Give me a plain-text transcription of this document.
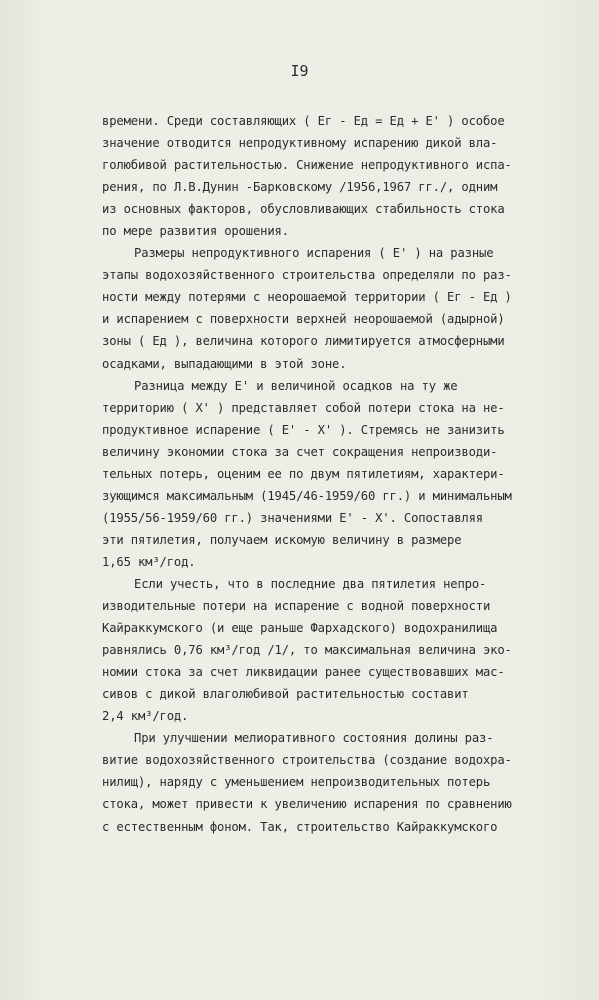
I9
времени. Среди составляющих ( Eг - Eд = Eд + E' ) особое
значение отводится непродуктивному испарению дикой вла-
голюбивой растительностью. Снижение непродуктивного испа-
рения, по Л.В.Дунин -Барковскому /1956,1967 гг./, одним
из основных факторов, обусловливающих стабильность стока
по мере развития орошения.
Размеры непродуктивного испарения ( E' ) на разные
этапы водохозяйственного строительства определяли по раз-
ности между потерями с неорошаемой территории ( Eг - Eд )
и испарением с поверхности верхней неорошаемой (адырной)
зоны ( Eд ), величина которого лимитируется атмосферными
осадками, выпадающими в этой зоне.
Разница между E' и величиной осадков на ту же
территорию ( X' ) представляет собой потери стока на не-
продуктивное испарение ( E' - X' ). Стремясь не занизить
величину экономии стока за счет сокращения непроизводи-
тельных потерь, оценим ее по двум пятилетиям, характери-
зующимся максимальным (1945/46-1959/60 гг.) и минимальным
(1955/56-1959/60 гг.) значениями E' - X'. Сопоставляя
эти пятилетия, получаем искомую величину в размере
1,65 км³/год.
Если учесть, что в последние два пятилетия непро-
изводительные потери на испарение с водной поверхности
Кайраккумского (и еще раньше Фархадского) водохранилища
равнялись 0,76 км³/год /1/, то максимальная величина эко-
номии стока за счет ликвидации ранее существовавших мас-
сивов с дикой влаголюбивой растительностью составит
2,4 км³/год.
При улучшении мелиоративного состояния долины раз-
витие водохозяйственного строительства (создание водохра-
нилищ), наряду с уменьшением непроизводительных потерь
стока, может привести к увеличению испарения по сравнению
с естественным фоном. Так, строительство Кайраккумского
